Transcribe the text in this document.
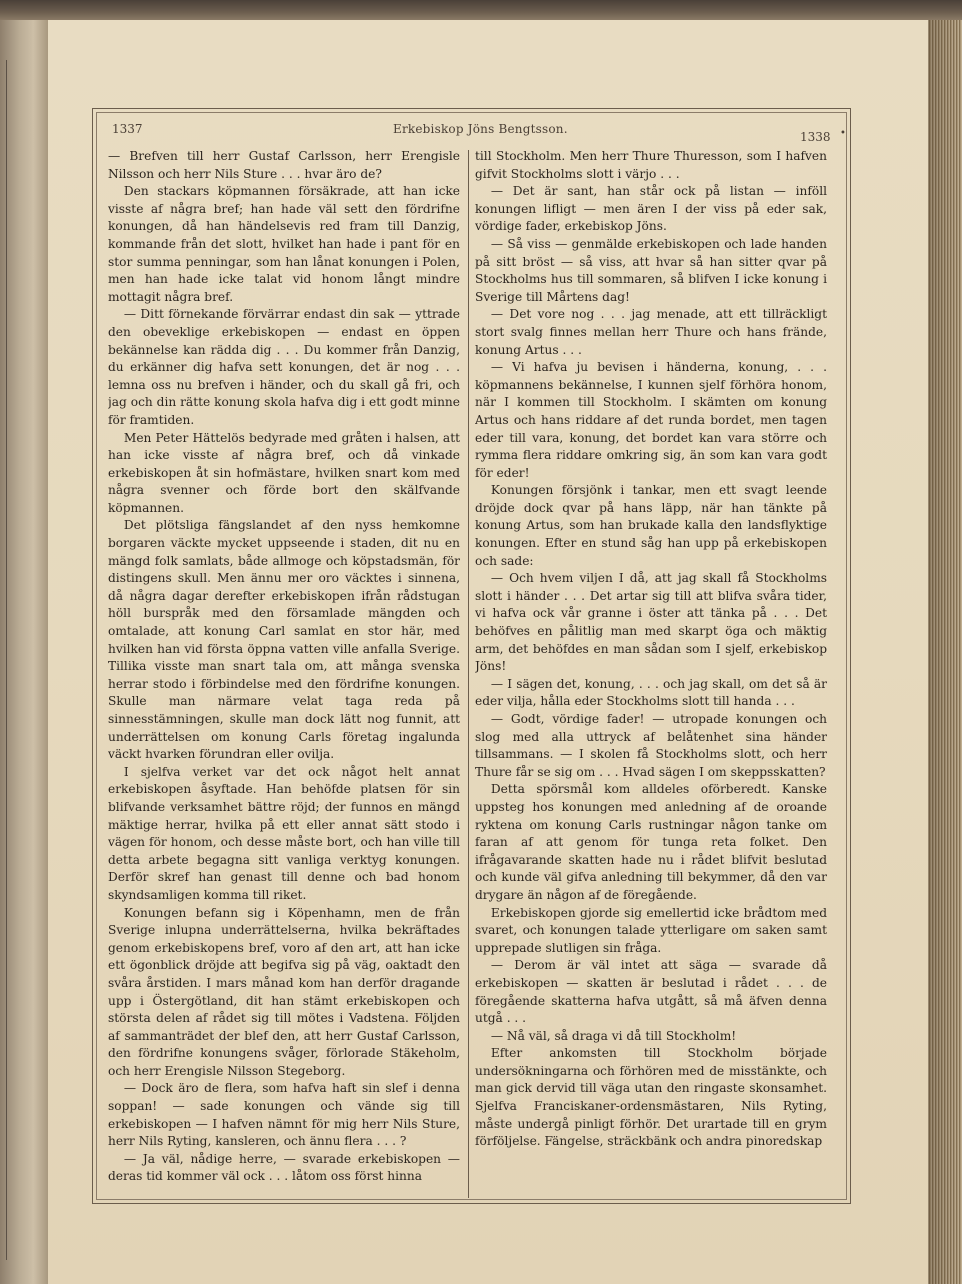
1337	Erkebiskop Jöns Bengtsson.
1338 •

— Brefven till herr Gustaf Carlsson, herr Erengisle Nilsson och herr Nils Sture . . . hvar äro de?

Den stackars köpmannen försäkrade, att han icke visste af några bref; han hade väl sett den fördrifne konungen, då han händelsevis red fram till Danzig, kommande från det slott, hvilket han hade i pant för en stor summa penningar, som han lånat konungen i Polen, men han hade icke talat vid honom långt mindre mottagit några bref.

— Ditt förnekande förvärrar endast din sak — yttrade den obeveklige erkebiskopen — endast en öppen bekännelse kan rädda dig . . . Du kommer från Danzig, du erkänner dig hafva sett konungen, det är nog . . . lemna oss nu brefven i händer, och du skall gå fri, och jag och din rätte konung skola hafva dig i ett godt minne för framtiden.

Men Peter Hättelös bedyrade med gråten i halsen, att han icke visste af några bref, och då vinkade erkebiskopen åt sin hofmästare, hvilken snart kom med några svenner och förde bort den skälfvande köpmannen.

Det plötsliga fängslandet af den nyss hemkomne borgaren väckte mycket uppseende i staden, dit nu en mängd folk samlats, både allmoge och köpstadsmän, för distingens skull. Men ännu mer oro väcktes i sinnena, då några dagar derefter erkebiskopen ifrån rådstugan höll burspråk med den församlade mängden och omtalade, att konung Carl samlat en stor här, med hvilken han vid första öppna vatten ville anfalla Sverige. Tillika visste man snart tala om, att många svenska herrar stodo i förbindelse med den fördrifne konungen. Skulle man närmare velat taga reda på sinnesstämningen, skulle man dock lätt nog funnit, att underrättelsen om konung Carls företag ingalunda väckt hvarken förundran eller ovilja.

I sjelfva verket var det ock något helt annat erkebiskopen åsyftade. Han behöfde platsen för sin blifvande verksamhet bättre röjd; der funnos en mängd mäktige herrar, hvilka på ett eller annat sätt stodo i vägen för honom, och desse måste bort, och han ville till detta arbete begagna sitt vanliga verktyg konungen. Derför skref han genast till denne och bad honom skyndsamligen komma till riket.

Konungen befann sig i Köpenhamn, men de från Sverige inlupna underrättelserna, hvilka bekräftades genom erkebiskopens bref, voro af den art, att han icke ett ögonblick dröjde att begifva sig på väg, oaktadt den svåra årstiden. I mars månad kom han derför dragande upp i Östergötland, dit han stämt erkebiskopen och största delen af rådet sig till mötes i Vadstena. Följden af sammanträdet der blef den, att herr Gustaf Carlsson, den fördrifne konungens svåger, förlorade Stäkeholm, och herr Erengisle Nilsson Stegeborg.

— Dock äro de flera, som hafva haft sin slef i denna soppan! — sade konungen och vände sig till erkebiskopen — I hafven nämnt för mig herr Nils Sture, herr Nils Ryting, kansleren, och ännu flera . . . ?

— Ja väl, nådige herre, — svarade erkebiskopen — deras tid kommer väl ock . . . låtom oss först hinna

till Stockholm. Men herr Thure Thuresson, som I hafven gifvit Stockholms slott i värjo . . .

— Det är sant, han står ock på listan — inföll konungen lifligt — men ären I der viss på eder sak, vördige fader, erkebiskop Jöns.

— Så viss — genmälde erkebiskopen och lade handen på sitt bröst — så viss, att hvar så han sitter qvar på Stockholms hus till sommaren, så blifven I icke konung i Sverige till Mårtens dag!

— Det vore nog . . . jag menade, att ett tillräckligt stort svalg finnes mellan herr Thure och hans frände, konung Artus . . .

— Vi hafva ju bevisen i händerna, konung, . . . köpmannens bekännelse, I kunnen sjelf förhöra honom, när I kommen till Stockholm. I skämten om konung Artus och hans riddare af det runda bordet, men tagen eder till vara, konung, det bordet kan vara större och rymma flera riddare omkring sig, än som kan vara godt för eder!

Konungen försjönk i tankar, men ett svagt leende dröjde dock qvar på hans läpp, när han tänkte på konung Artus, som han brukade kalla den landsflyktige konungen. Efter en stund såg han upp på erkebiskopen och sade:

— Och hvem viljen I då, att jag skall få Stockholms slott i händer . . . Det artar sig till att blifva svåra tider, vi hafva ock vår granne i öster att tänka på . . . Det behöfves en pålitlig man med skarpt öga och mäktig arm, det behöfdes en man sådan som I sjelf, erkebiskop Jöns!

— I sägen det, konung, . . . och jag skall, om det så är eder vilja, hålla eder Stockholms slott till handa . . .

— Godt, vördige fader! — utropade konungen och slog med alla uttryck af belåtenhet sina händer tillsammans. — I skolen få Stockholms slott, och herr Thure får se sig om . . . Hvad sägen I om skeppsskatten?

Detta spörsmål kom alldeles oförberedt. Kanske uppsteg hos konungen med anledning af de oroande ryktena om konung Carls rustningar någon tanke om faran af att genom för tunga reta folket. Den ifrågavarande skatten hade nu i rådet blifvit beslutad och kunde väl gifva anledning till bekymmer, då den var drygare än någon af de föregående.

Erkebiskopen gjorde sig emellertid icke brådtom med svaret, och konungen talade ytterligare om saken samt upprepade slutligen sin fråga.

— Derom är väl intet att säga — svarade då erkebiskopen — skatten är beslutad i rådet . . . de föregående skatterna hafva utgått, så må äfven denna utgå . . .

— Nå väl, så draga vi då till Stockholm!

Efter ankomsten till Stockholm började undersökningarna och förhören med de misstänkte, och man gick dervid till väga utan den ringaste skonsamhet. Sjelfva Franciskaner-ordensmästaren, Nils Ryting, måste undergå pinligt förhör. Det urartade till en grym förföljelse. Fängelse, sträckbänk och andra pinoredskap
